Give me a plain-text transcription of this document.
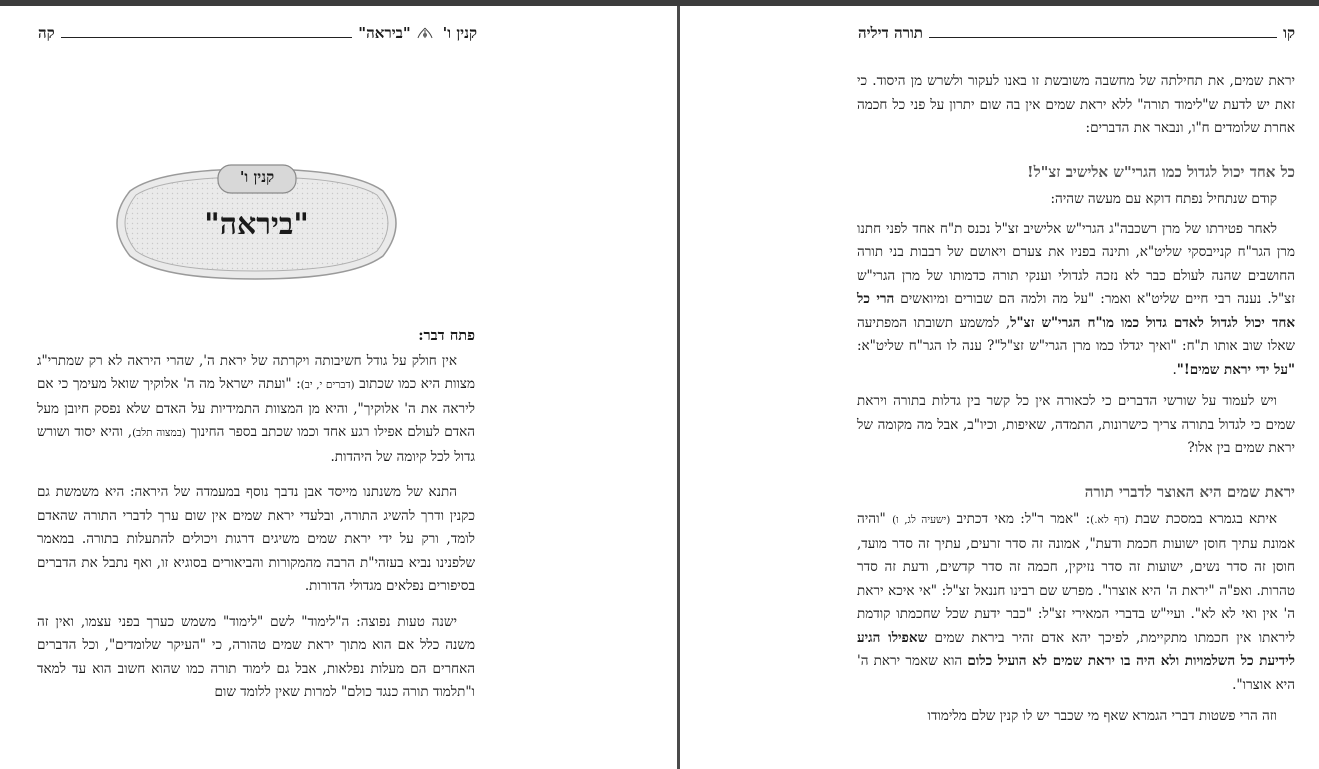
קנין ו'
"ביראה"
קה
קנין ו'
"ביראה"

פתח דבר:

אין חולק על גודל חשיבותה ויקרתה של יראת ה', שהרי היראה לא רק שמתרי"ג מצוות היא כמו שכתוב (דברים י, יב): "ועתה ישראל מה ה' אלוקיך שואל מעימך כי אם ליראה את ה' אלוקיך", והיא מן המצוות התמידיות על האדם שלא נפסק חיובן מעל האדם לעולם אפילו רגע אחד וכמו שכתב בספר החינוך (במצוה תלב), והיא יסוד ושורש גדול לכל קיומה של היהדות.

התנא של משנתנו מייסד אבן נדבך נוסף במעמדה של היראה: היא משמשת גם כקנין ודרך להשיג התורה, ובלעדי יראת שמים אין שום ערך לדברי התורה שהאדם לומד, ורק על ידי יראת שמים משיגים דרגות ויכולים להתעלות בתורה. במאמר שלפנינו נביא בעזהי"ת הרבה מהמקורות והביאורים בסוגיא זו, ואף נתבל את הדברים בסיפורים נפלאים מגדולי הדורות.

ישנה טעות נפוצה: ה"לימוד" לשם "לימוד" משמש כערך בפני עצמו, ואין זה משנה כלל אם הוא מתוך יראת שמים טהורה, כי "העיקר שלומדים", וכל הדברים האחרים הם מעלות נפלאות, אבל גם לימוד תורה כמו שהוא חשוב הוא עד למאד ו"תלמוד תורה כנגד כולם" למרות שאין ללומד שום

קו
תורה דיליה

יראת שמים, את תחילתה של מחשבה משובשת זו באנו לעקור ולשרש מן היסוד. כי זאת יש לדעת ש"לימוד תורה" ללא יראת שמים אין בה שום יתרון על פני כל חכמה אחרת שלומדים ח"ו, ונבאר את הדברים:

כל אחד יכול לגדול כמו הגרי"ש אלישיב זצ"ל!

קודם שנתחיל נפתח דוקא עם מעשה שהיה:

לאחר פטירתו של מרן רשכבה"ג הגרי"ש אלישיב זצ"ל נכנס ת"ח אחד לפני חתנו מרן הגר"ח קנייבסקי שליט"א, ותינה בפניו את צערם ויאושם של רבבות בני תורה החושבים שהנה לעולם כבר לא נזכה לגדולי וענקי תורה כדמותו של מרן הגרי"ש זצ"ל. נענה רבי חיים שליט"א ואמר: "על מה ולמה הם שבורים ומיואשים הרי כל אחד יכול לגדול לאדם גדול כמו מו"ח הגרי"ש זצ"ל, למשמע תשובתו המפתיעה שאלו שוב אותו ת"ח: "ואיך יגדלו כמו מרן הגרי"ש זצ"ל"? ענה לו הגר"ח שליט"א: "על ידי יראת שמים!".

ויש לעמוד על שורשי הדברים כי לכאורה אין כל קשר בין גדלות בתורה ויראת שמים כי לגדול בתורה צריך כישרונות, התמדה, שאיפות, וכיו"ב, אבל מה מקומה של יראת שמים בין אלו?

יראת שמים היא האוצר לדברי תורה

איתא בגמרא במסכת שבת (דף לא.): "אמר ר"ל: מאי דכתיב (ישעיה לג, ו) "והיה אמונת עתיך חוסן ישועות חכמת ודעת", אמונה זה סדר זרעים, עתיך זה סדר מועד, חוסן זה סדר נשים, ישועות זה סדר נזיקין, חכמה זה סדר קדשים, ודעת זה סדר טהרות. ואפ"ה "יראת ה' היא אוצרו". מפרש שם רבינו חננאל זצ"ל: "אי איכא יראת ה' אין ואי לא לא". ועיי"ש בדברי המאירי זצ"ל: "כבר ידעת שכל שחכמתו קודמת ליראתו אין חכמתו מתקיימת, לפיכך יהא אדם זהיר ביראת שמים שאפילו הגיע לידיעת כל השלמויות ולא היה בו יראת שמים לא הועיל כלום הוא שאמר יראת ה' היא אוצרו".

וזה הרי פשטות דברי הגמרא שאף מי שכבר יש לו קנין שלם מלימודו
